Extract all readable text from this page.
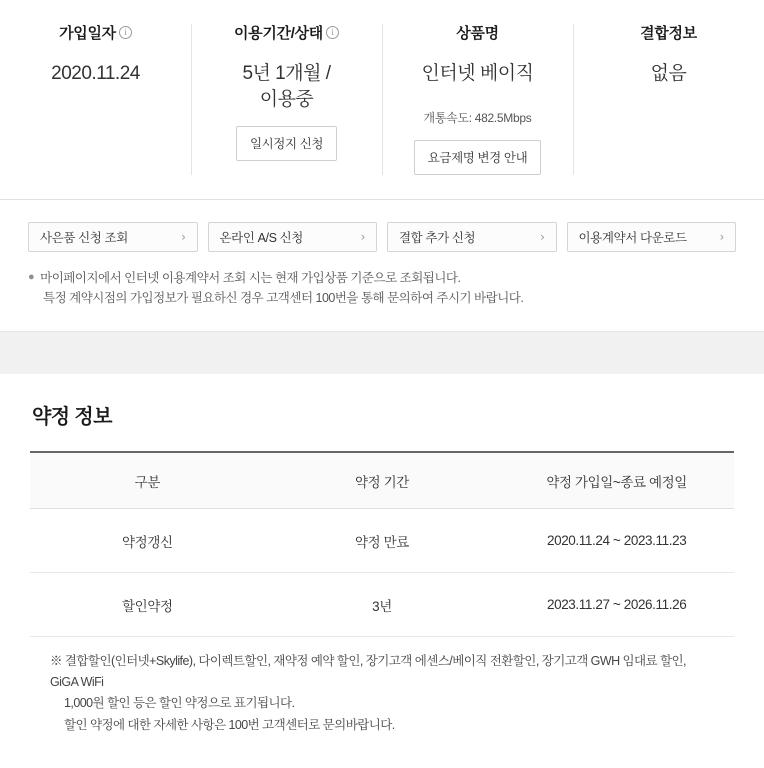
가입일자 i
2020.11.24
이용기간/상태 i
5년 1개월 /
이용중
일시정지 신청
상품명
인터넷 베이직
개통속도: 482.5Mbps
요금제명 변경 안내
결합정보
없음
사은품 신청 조회	›	온라인 A/S 신청	›	결합 추가 신청	›	이용계약서 다운로드	›
● 마이페이지에서 인터넷 이용계약서 조회 시는 현재 가입상품 기준으로 조회됩니다.
특정 계약시점의 가입정보가 필요하신 경우 고객센터 100번을 통해 문의하여 주시기 바랍니다.
약정 정보
구분	약정 기간	약정 가입일~종료 예정일
약정갱신	약정 만료	2020.11.24 ~ 2023.11.23
할인약정	3년	2023.11.27 ~ 2026.11.26
※ 결합할인(인터넷+Skylife), 다이렉트할인, 재약정 예약 할인, 장기고객 에센스/베이직 전환할인, 장기고객 GWH 임대료 할인, GiGA WiFi
1,000원 할인 등은 할인 약정으로 표기됩니다.
할인 약정에 대한 자세한 사항은 100번 고객센터로 문의바랍니다.
